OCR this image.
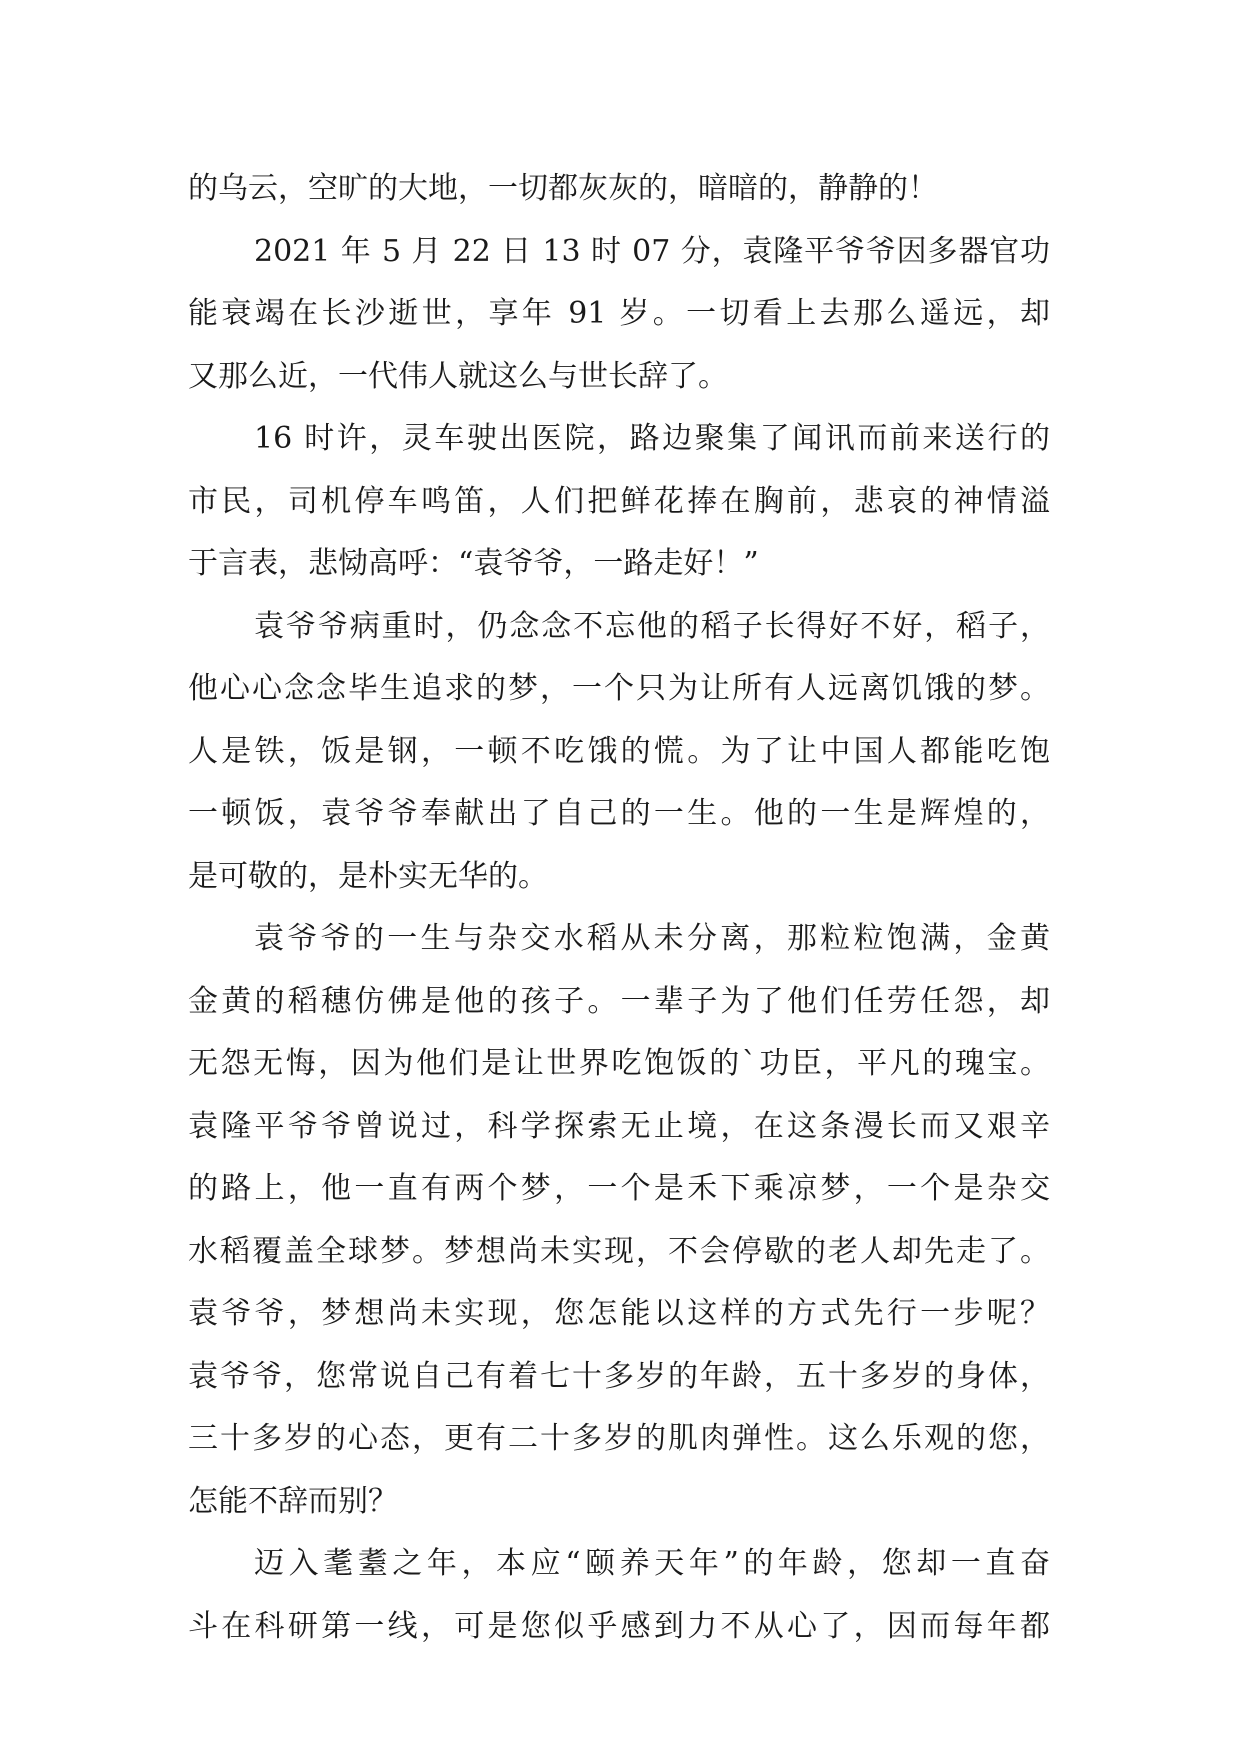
的乌云，空旷的大地，一切都灰灰的，暗暗的，静静的！
2021 年 5 月 22 日 13 时 07 分，袁隆平爷爷因多器官功
能衰竭在长沙逝世，享年 91 岁。一切看上去那么遥远，却
又那么近，一代伟人就这么与世长辞了。
16 时许，灵车驶出医院，路边聚集了闻讯而前来送行的
市民，司机停车鸣笛，人们把鲜花捧在胸前，悲哀的神情溢
于言表，悲恸高呼：“袁爷爷，一路走好！”
袁爷爷病重时，仍念念不忘他的稻子长得好不好，稻子，
他心心念念毕生追求的梦，一个只为让所有人远离饥饿的梦。
人是铁，饭是钢，一顿不吃饿的慌。为了让中国人都能吃饱
一顿饭，袁爷爷奉献出了自己的一生。他的一生是辉煌的，
是可敬的，是朴实无华的。
袁爷爷的一生与杂交水稻从未分离，那粒粒饱满，金黄
金黄的稻穗仿佛是他的孩子。一辈子为了他们任劳任怨，却
无怨无悔，因为他们是让世界吃饱饭的`功臣，平凡的瑰宝。
袁隆平爷爷曾说过，科学探索无止境，在这条漫长而又艰辛
的路上，他一直有两个梦，一个是禾下乘凉梦，一个是杂交
水稻覆盖全球梦。梦想尚未实现，不会停歇的老人却先走了。
袁爷爷，梦想尚未实现，您怎能以这样的方式先行一步呢？
袁爷爷，您常说自己有着七十多岁的年龄，五十多岁的身体，
三十多岁的心态，更有二十多岁的肌肉弹性。这么乐观的您，
怎能不辞而别？
迈入耄耋之年，本应“颐养天年”的年龄，您却一直奋
斗在科研第一线，可是您似乎感到力不从心了，因而每年都
